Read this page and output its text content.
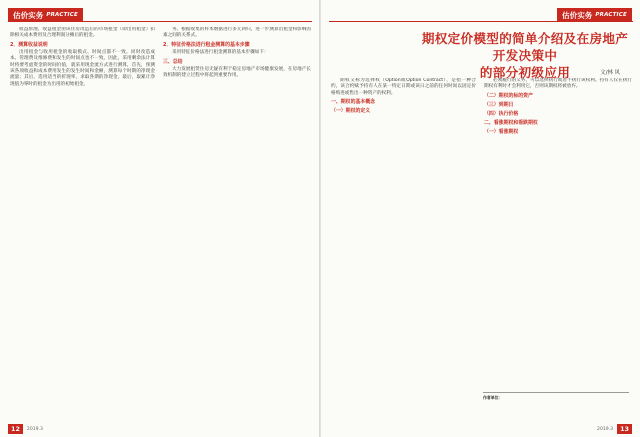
估价实务 PRACTICE

收益原理、收益租金由该住房改造后的市场租金（即出用租金）扣除相关成本费用及合理利润分摊后的租金。

2．测算收益说明

出用租金与收用租金的收取模式、时间点都不一致。同时改造成本、管理费及维修费和发生的时间点也不一致。因此，采用剩余法计算时将要考虑资金的时间价值，就采用现金流方式进行测算，首先，预测该各项收益和成本费用发生的发生时间和金额，测算每个时期的净现金流量；其后，选用适当的折现率，求取各期的净现金，最后，取累计净现值为零时的租金为出用的初始租金。

务。根据收集的样本数据进行多元回归，进一步测算出租金和影响因素之间的关系式。

2．特征价格法进行租金测算的基本步骤

采用特征价格法进行租金测算的基本步骤如下：

三、总结

大力发展租赁住房无疑有利于稳定房地产市场健康发展，在房地产长效机制的建立过程中将起到重要作用。

12	2019.3
估价实务 PRACTICE
期权定价模型的简单介绍及在房地产开发决策中
的部分初级应用	文/林 风

期权又称为选择权（Option或Option Contract），是指一种合约，该合约赋予持有人在某一特定日期或该日之前的任何时间以固定价格购进或售出一种资产的权利。

一、期权的基本概念

（一）期权的定义

必须履行的义务，可以选择执行或者不执行该权利。持有人仅在执行期权有利时才会利用它，否则该期权将被放弃。

（二）期权的标的资产

（三）到期日

（四）执行价格

二、看涨期权和看跌期权

（一）看涨期权

作者单位：
2019.3	13
